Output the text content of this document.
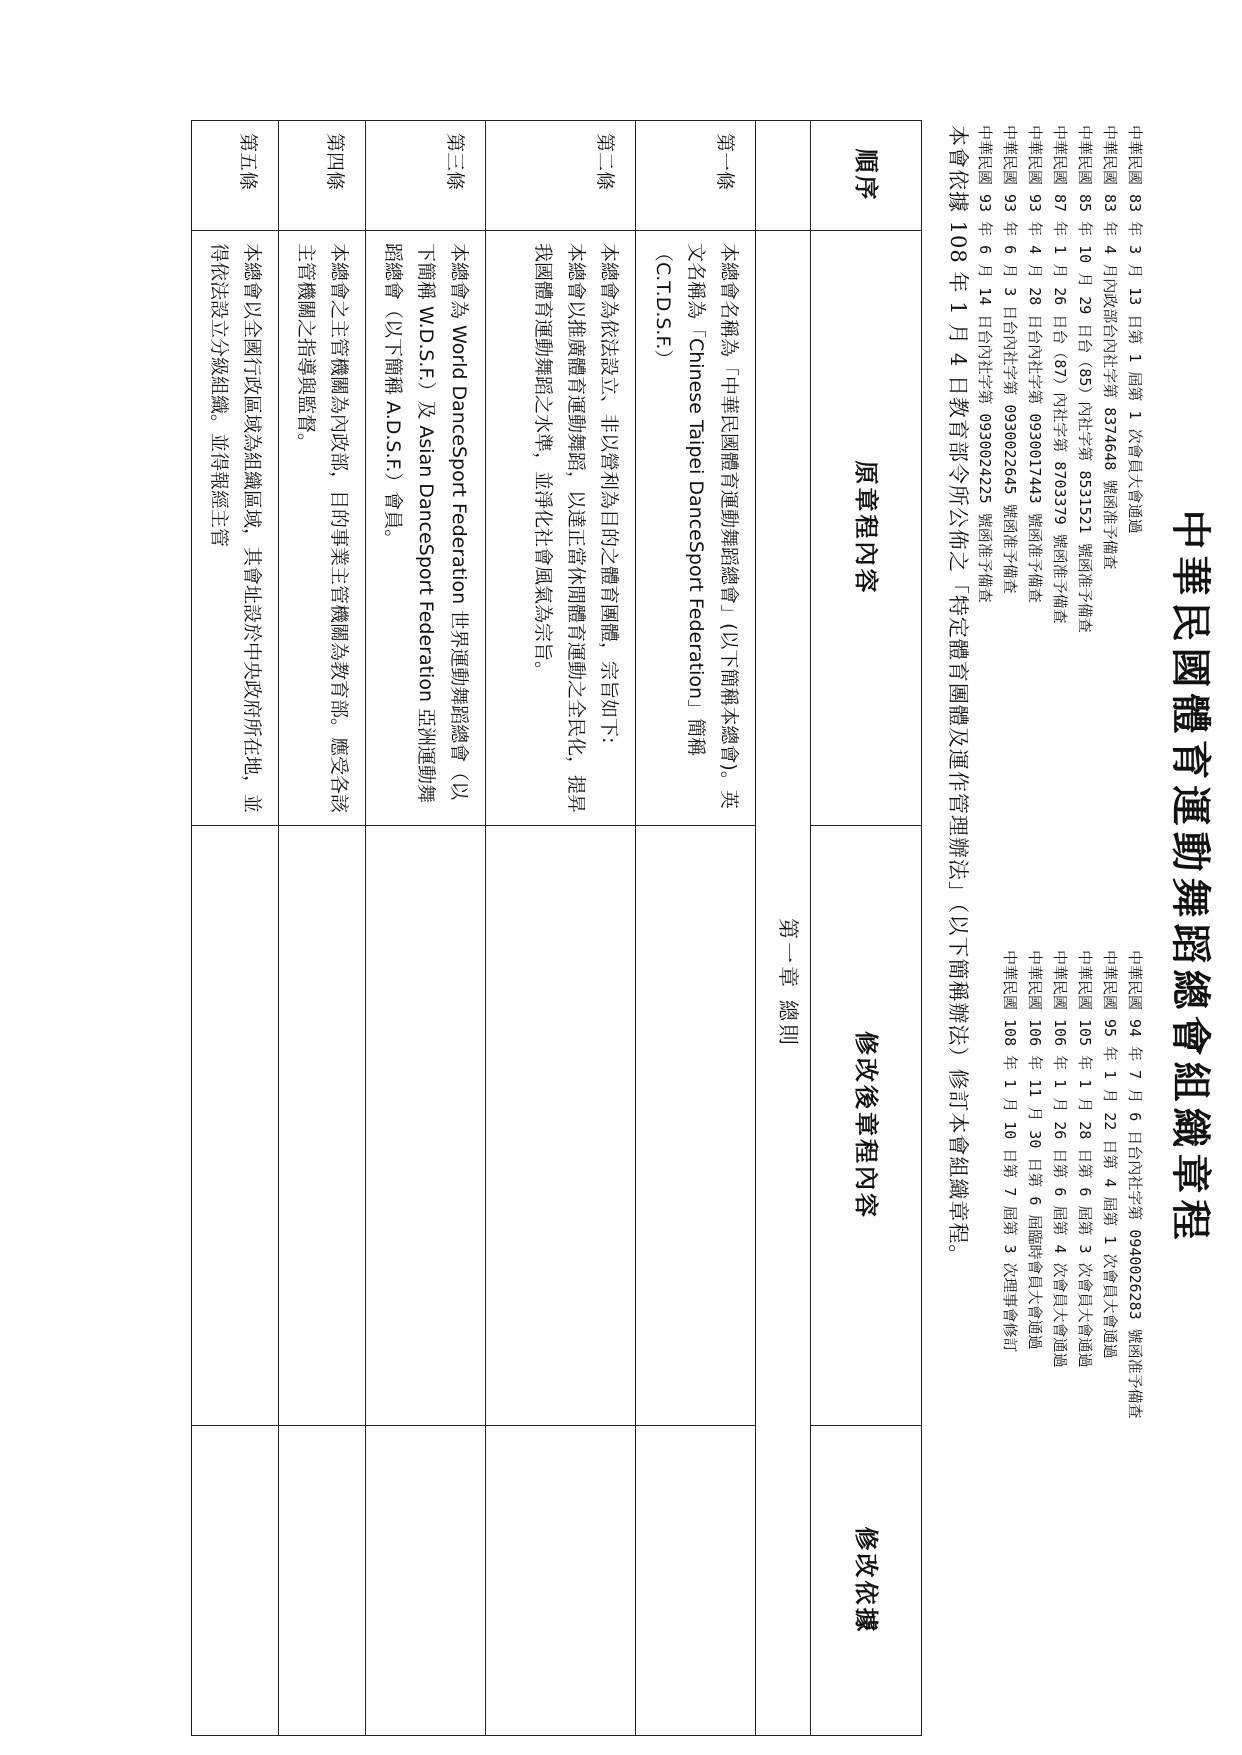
中華民國體育運動舞蹈總會組織章程
中華民國 83 年 3 月 13 日第 1 屆第 1 次會員大會通過
中華民國 83 年 4 月內政部台內社字第 8374648 號函准予備查
中華民國 85 年 10 月 29 日台（85）內社字第 8531521 號函准予備查
中華民國 87 年 1 月 26 日台（87）內社字第 8703379 號函准予備查
中華民國 93 年 4 月 28 日台內社字第 0930017443 號函准予備查
中華民國 93 年 6 月 3 日台內社字第 0930022645 號函准予備查
中華民國 93 年 6 月 14 日台內社字第 0930024225 號函准予備查
中華民國 94 年 7 月 6 日台內社字第 0940026283 號函准予備查
中華民國 95 年 1 月 22 日第 4 屆第 1 次會員大會通過
中華民國 105 年 1 月 28 日第 6 屆第 3 次會員大會通過
中華民國 106 年 1 月 26 日第 6 屆第 4 次會員大會通過
中華民國 106 年 11 月 30 日第 6 屆臨時會員大會通過
中華民國 108 年 1 月 10 日第 7 屆第 3 次理事會修訂
本會依據 108 年 1 月 4 日教育部令所公佈之「特定體育團體及運作管理辦法」（以下簡稱辦法）修訂本會組織章程。
順序	原章程內容	修改後章程內容	修改依據
	第一章 總則		
第一條	本總會名稱為「中華民國體育運動舞蹈總會」(以下簡稱本總會)。英文名稱為「Chinese Taipei DanceSport Federation」簡稱（C.T.D.S.F.）		

第二條	本總會為依法設立、非以營利為目的之體育團體，宗旨如下:

本總會以推廣體育運動舞蹈，以達正當休閒體育運動之全民化，提昇我國體育運動舞蹈之水準，並淨化社會風氣為宗旨。		

第三條	本總會為 World DanceSport Federation 世界運動舞蹈總會（以下簡稱 W.D.S.F.）及 Asian DanceSport Federation 亞洲運動舞蹈總會（以下簡稱 A.D.S.F.）會員。		

第四條	本總會之主管機關為內政部，目的事業主管機關為教育部。應受各該主管機關之指導與監督。		

第五條	本總會以全國行政區域為組織區域，其會址設於中央政府所在地，並得依法設立分級組織。並得報經主管		
